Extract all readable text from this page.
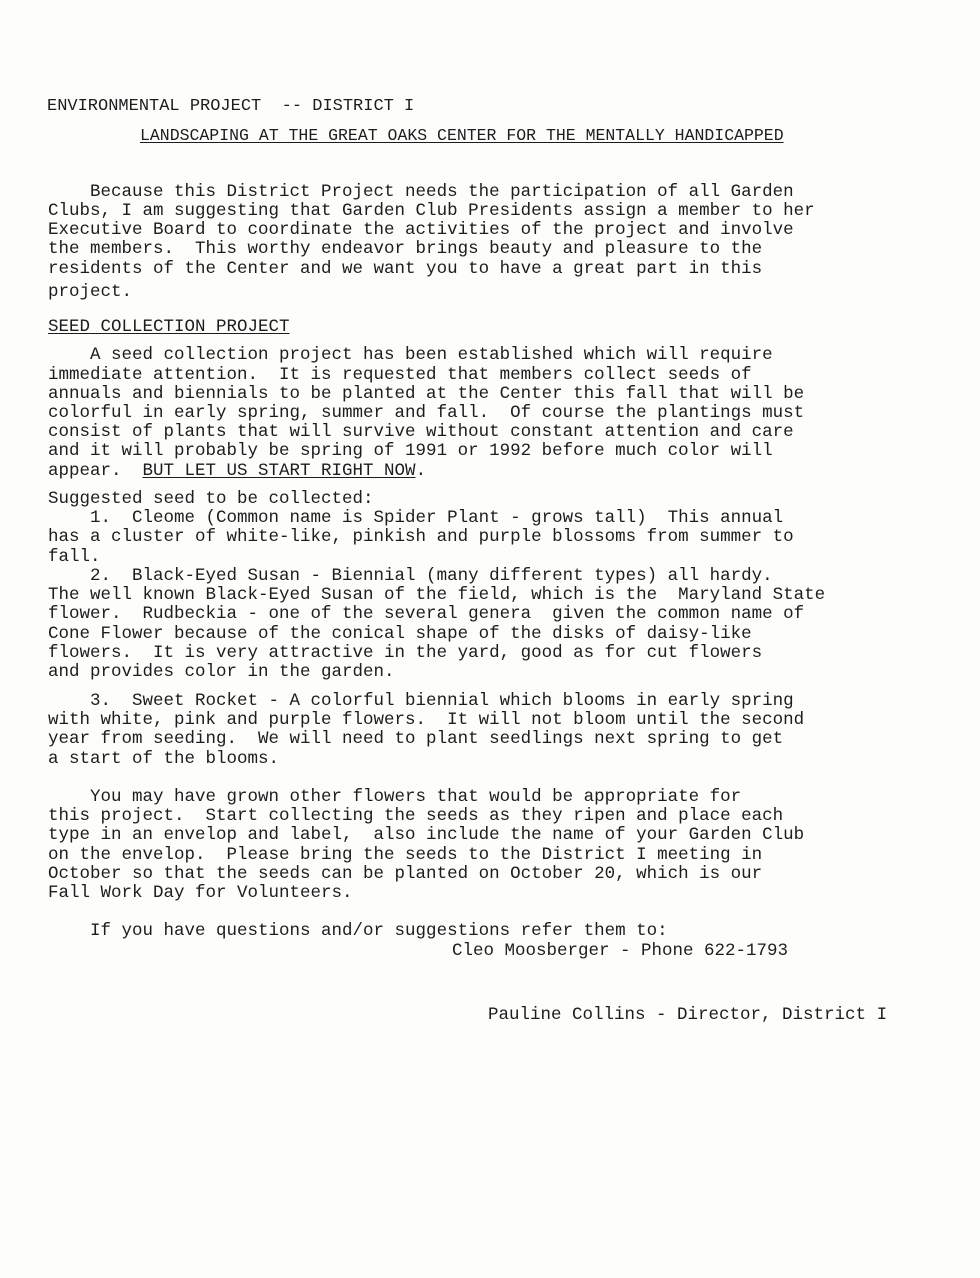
ENVIRONMENTAL PROJECT  -- DISTRICT I
LANDSCAPING AT THE GREAT OAKS CENTER FOR THE MENTALLY HANDICAPPED
Because this District Project needs the participation of all Garden
Clubs, I am suggesting that Garden Club Presidents assign a member to her
Executive Board to coordinate the activities of the project and involve
the members.  This worthy endeavor brings beauty and pleasure to the
residents of the Center and we want you to have a great part in this
project.
SEED COLLECTION PROJECT
A seed collection project has been established which will require
immediate attention.  It is requested that members collect seeds of
annuals and biennials to be planted at the Center this fall that will be
colorful in early spring, summer and fall.  Of course the plantings must
consist of plants that will survive without constant attention and care
and it will probably be spring of 1991 or 1992 before much color will
appear.  BUT LET US START RIGHT NOW.
Suggested seed to be collected:
1.  Cleome (Common name is Spider Plant - grows tall)  This annual
has a cluster of white-like, pinkish and purple blossoms from summer to
fall.
2.  Black-Eyed Susan - Biennial (many different types) all hardy.
The well known Black-Eyed Susan of the field, which is the  Maryland State
flower.  Rudbeckia - one of the several genera  given the common name of
Cone Flower because of the conical shape of the disks of daisy-like
flowers.  It is very attractive in the yard, good as for cut flowers
and provides color in the garden.
3.  Sweet Rocket - A colorful biennial which blooms in early spring
with white, pink and purple flowers.  It will not bloom until the second
year from seeding.  We will need to plant seedlings next spring to get
a start of the blooms.
You may have grown other flowers that would be appropriate for
this project.  Start collecting the seeds as they ripen and place each
type in an envelop and label,  also include the name of your Garden Club
on the envelop.  Please bring the seeds to the District I meeting in
October so that the seeds can be planted on October 20, which is our
Fall Work Day for Volunteers.
If you have questions and/or suggestions refer them to:
Cleo Moosberger - Phone 622-1793
Pauline Collins - Director, District I
